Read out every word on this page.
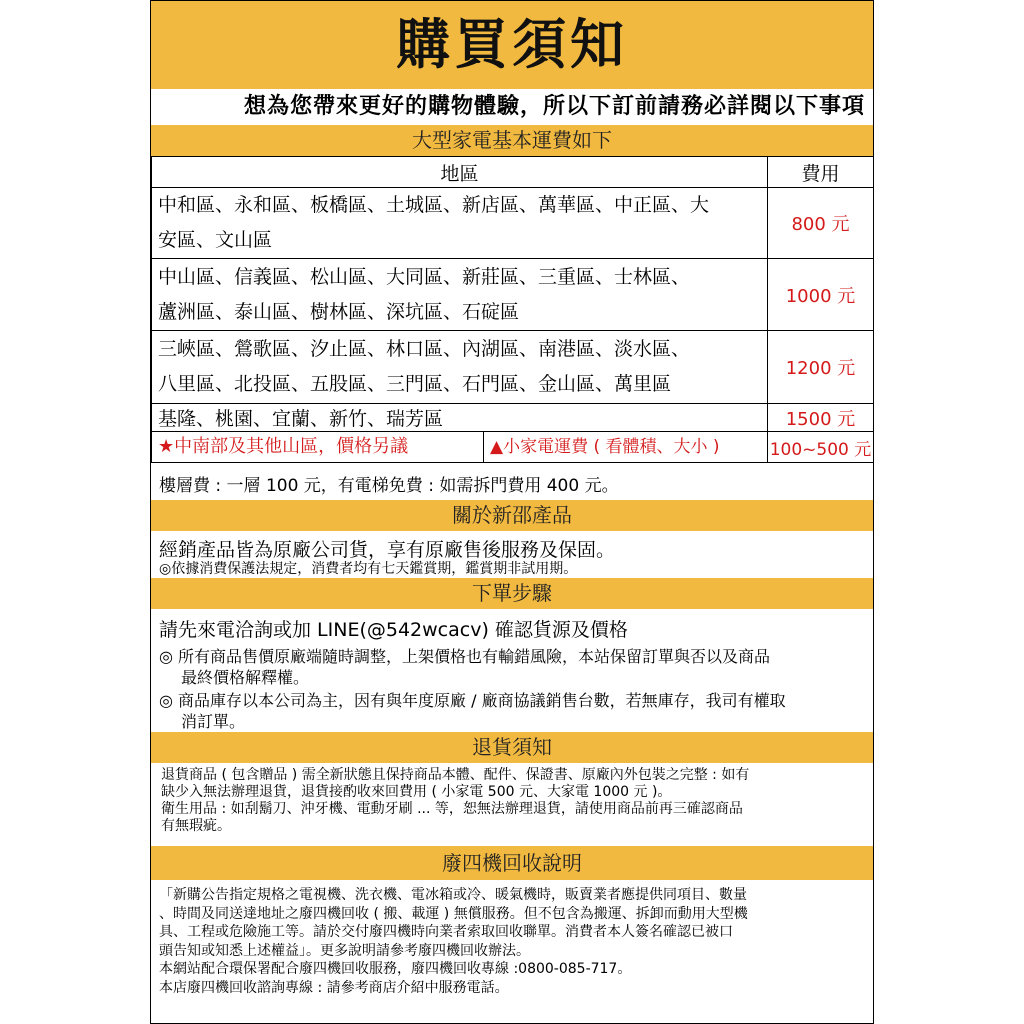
購買須知
想為您帶來更好的購物體驗，所以下訂前請務必詳閱以下事項
大型家電基本運費如下
地區	費用

中和區、永和區、板橋區、土城區、新店區、萬華區、中正區、大
安區、文山區	800 元

中山區、信義區、松山區、大同區、新莊區、三重區、士林區、
蘆洲區、泰山區、樹林區、深坑區、石碇區	1000 元

三峽區、鶯歌區、汐止區、林口區、內湖區、南港區、淡水區、
八里區、北投區、五股區、三門區、石門區、金山區、萬里區	1200 元
基隆、桃園、宜蘭、新竹、瑞芳區	1500 元

★中南部及其他山區，價格另議 ▲小家電運費 ( 看體積、大小 )	100~500 元
樓層費 : 一層 100 元，有電梯免費 : 如需拆門費用 400 元。
關於新邵產品
經銷產品皆為原廠公司貨，享有原廠售後服務及保固。
◎依據消費保護法規定，消費者均有七天鑑賞期，鑑賞期非試用期。
下單步驟
請先來電洽詢或加 LINE(@542wcacv) 確認貨源及價格
◎ 所有商品售價原廠端隨時調整，上架價格也有輸錯風險，本站保留訂單與否以及商品
最終價格解釋權。
◎ 商品庫存以本公司為主，因有與年度原廠 / 廠商協議銷售台數，若無庫存，我司有權取
消訂單。
退貨須知
退貨商品 ( 包含贈品 ) 需全新狀態且保持商品本體、配件、保證書、原廠內外包裝之完整 : 如有
缺少入無法辦理退貨，退貨接酌收來回費用 ( 小家電 500 元、大家電 1000 元 )。
衛生用品 : 如刮鬍刀、沖牙機、電動牙刷 ... 等，恕無法辦理退貨，請使用商品前再三確認商品
有無瑕疵。
廢四機回收說明
「新購公告指定規格之電視機、洗衣機、電冰箱或冷、暖氣機時，販賣業者應提供同項目、數量
、時間及同送達地址之廢四機回收 ( 搬、載運 ) 無償服務。但不包含為搬運、拆卸而動用大型機
具、工程或危險施工等。請於交付廢四機時向業者索取回收聯單。消費者本人簽名確認已被口
頭告知或知悉上述權益」。更多說明請參考廢四機回收辦法。
本網站配合環保署配合廢四機回收服務，廢四機回收專線 :0800-085-717。
本店廢四機回收諮詢專線 : 請參考商店介紹中服務電話。
